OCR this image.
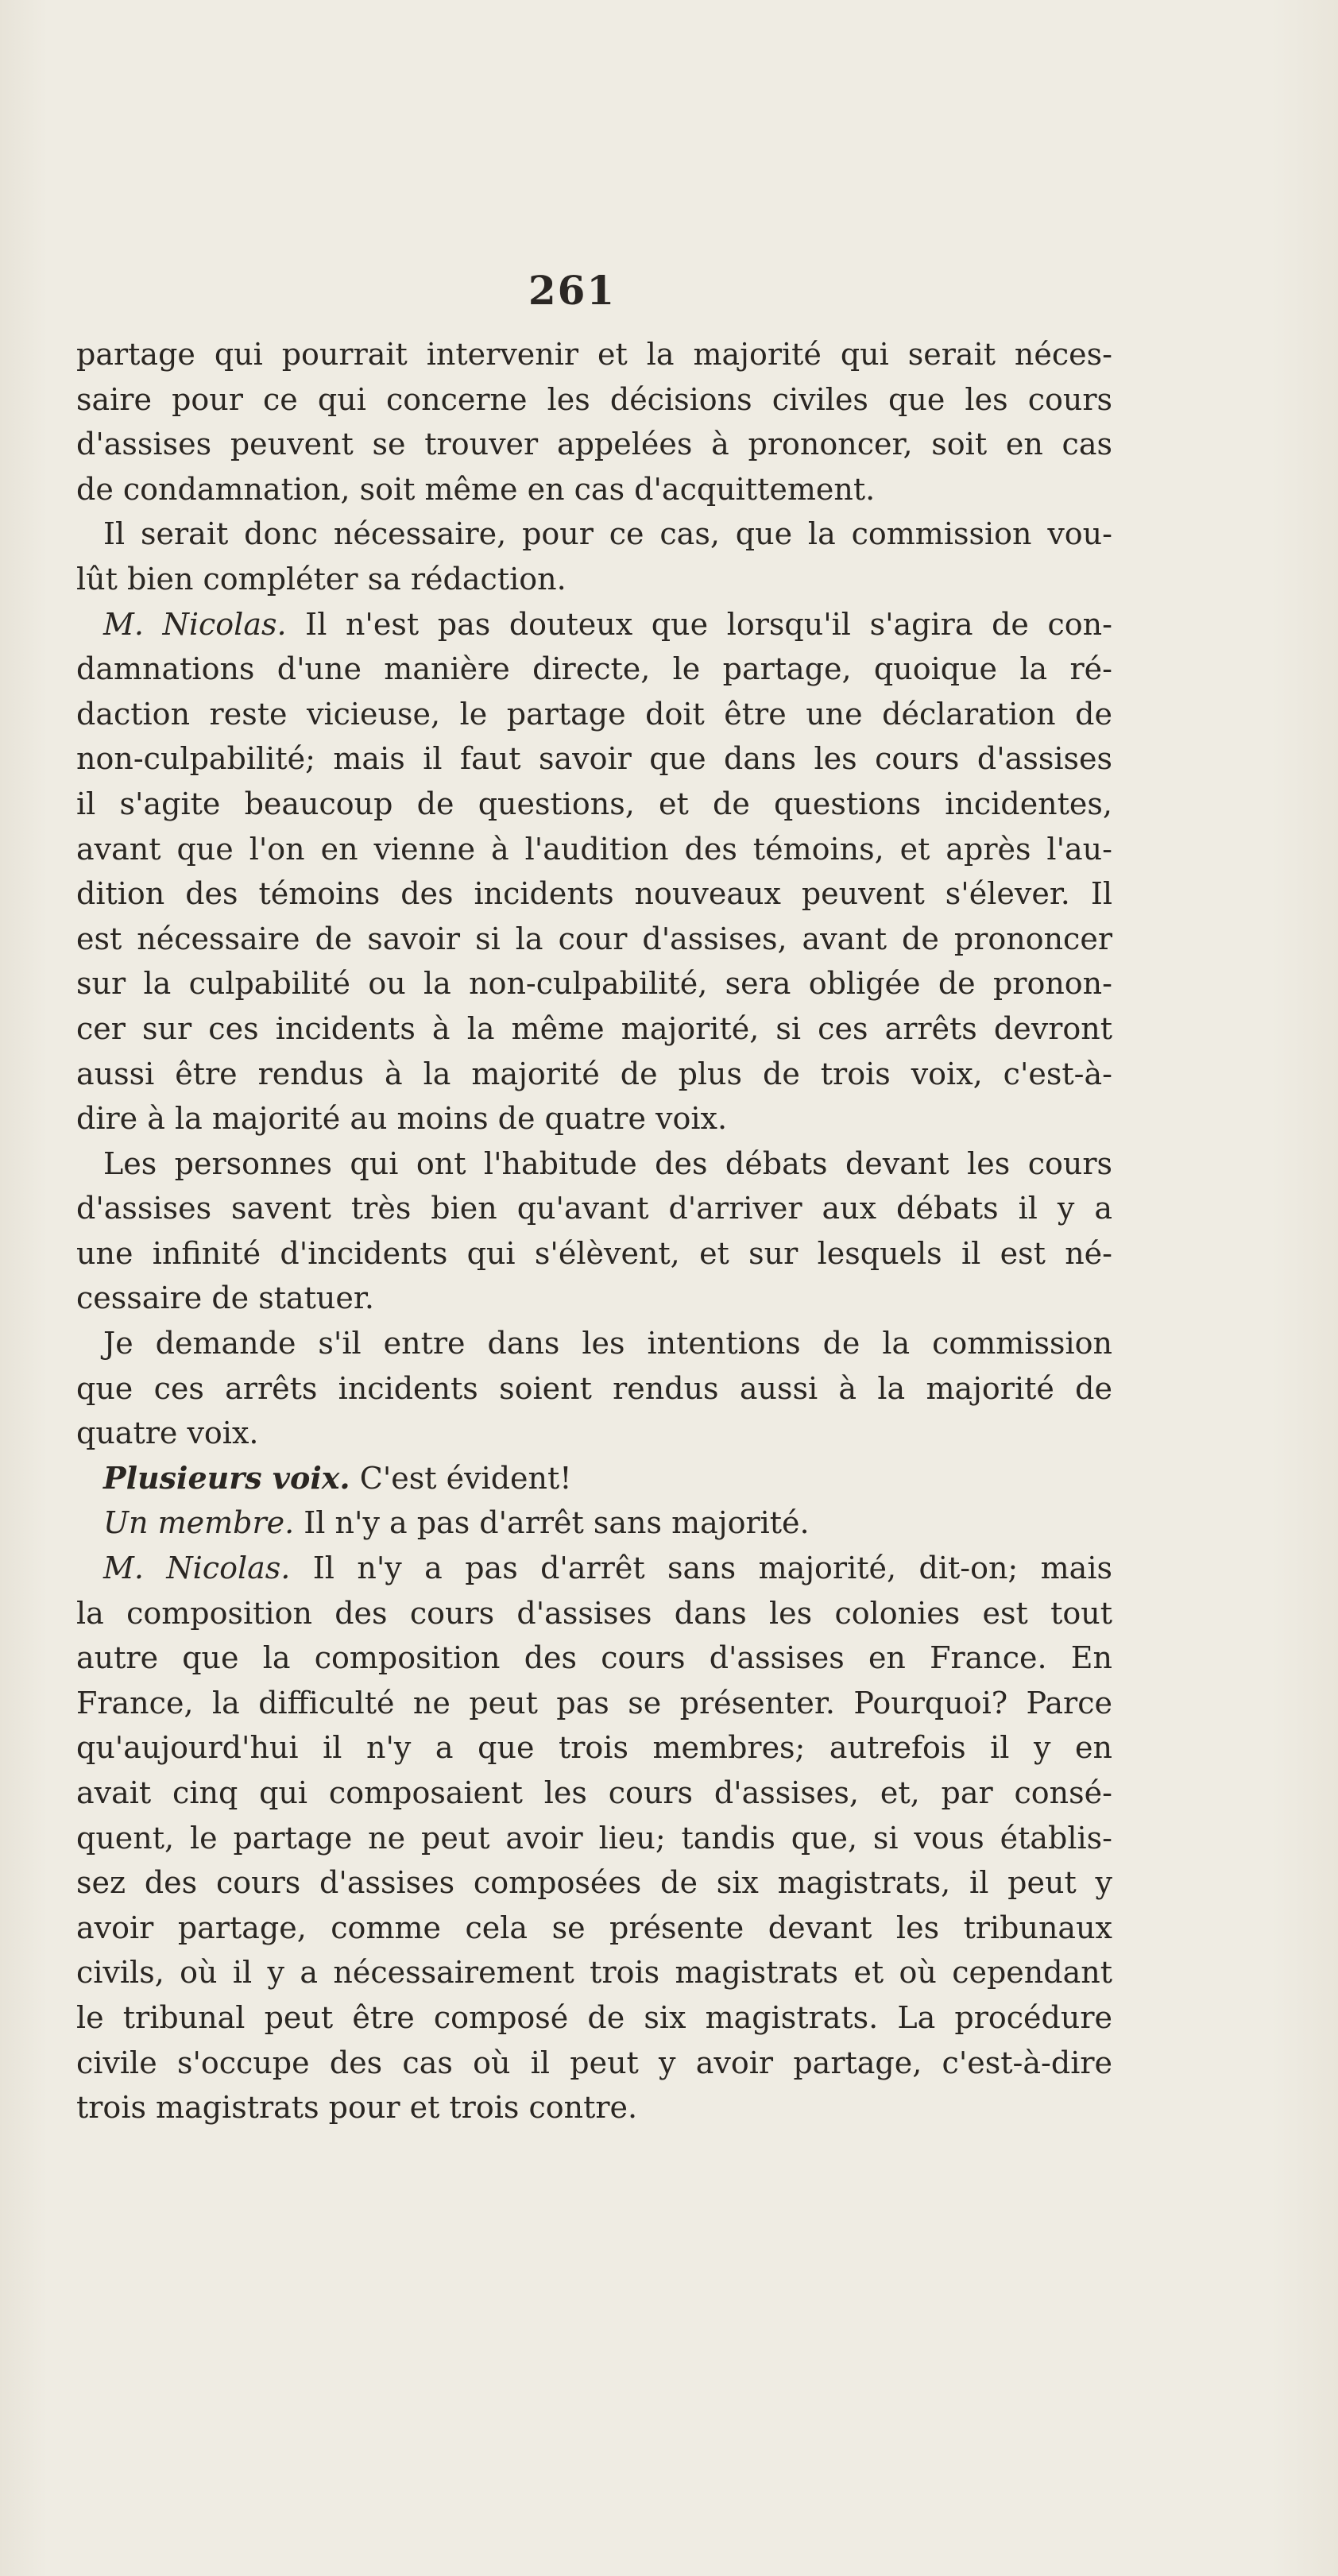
261
partage qui pourrait intervenir et la majorité qui serait néces-
saire pour ce qui concerne les décisions civiles que les cours
d'assises peuvent se trouver appelées à prononcer, soit en cas
de condamnation, soit même en cas d'acquittement.
Il serait donc nécessaire, pour ce cas, que la commission vou-
lût bien compléter sa rédaction.
M. Nicolas. Il n'est pas douteux que lorsqu'il s'agira de con-
damnations d'une manière directe, le partage, quoique la ré-
daction reste vicieuse, le partage doit être une déclaration de
non-culpabilité; mais il faut savoir que dans les cours d'assises
il s'agite beaucoup de questions, et de questions incidentes,
avant que l'on en vienne à l'audition des témoins, et après l'au-
dition des témoins des incidents nouveaux peuvent s'élever. Il
est nécessaire de savoir si la cour d'assises, avant de prononcer
sur la culpabilité ou la non-culpabilité, sera obligée de pronon-
cer sur ces incidents à la même majorité, si ces arrêts devront
aussi être rendus à la majorité de plus de trois voix, c'est-à-
dire à la majorité au moins de quatre voix.
Les personnes qui ont l'habitude des débats devant les cours
d'assises savent très bien qu'avant d'arriver aux débats il y a
une infinité d'incidents qui s'élèvent, et sur lesquels il est né-
cessaire de statuer.
Je demande s'il entre dans les intentions de la commission
que ces arrêts incidents soient rendus aussi à la majorité de
quatre voix.
Plusieurs voix. C'est évident!
Un membre. Il n'y a pas d'arrêt sans majorité.
M. Nicolas. Il n'y a pas d'arrêt sans majorité, dit-on; mais
la composition des cours d'assises dans les colonies est tout
autre que la composition des cours d'assises en France. En
France, la difficulté ne peut pas se présenter. Pourquoi? Parce
qu'aujourd'hui il n'y a que trois membres; autrefois il y en
avait cinq qui composaient les cours d'assises, et, par consé-
quent, le partage ne peut avoir lieu; tandis que, si vous établis-
sez des cours d'assises composées de six magistrats, il peut y
avoir partage, comme cela se présente devant les tribunaux
civils, où il y a nécessairement trois magistrats et où cependant
le tribunal peut être composé de six magistrats. La procédure
civile s'occupe des cas où il peut y avoir partage, c'est-à-dire
trois magistrats pour et trois contre.
